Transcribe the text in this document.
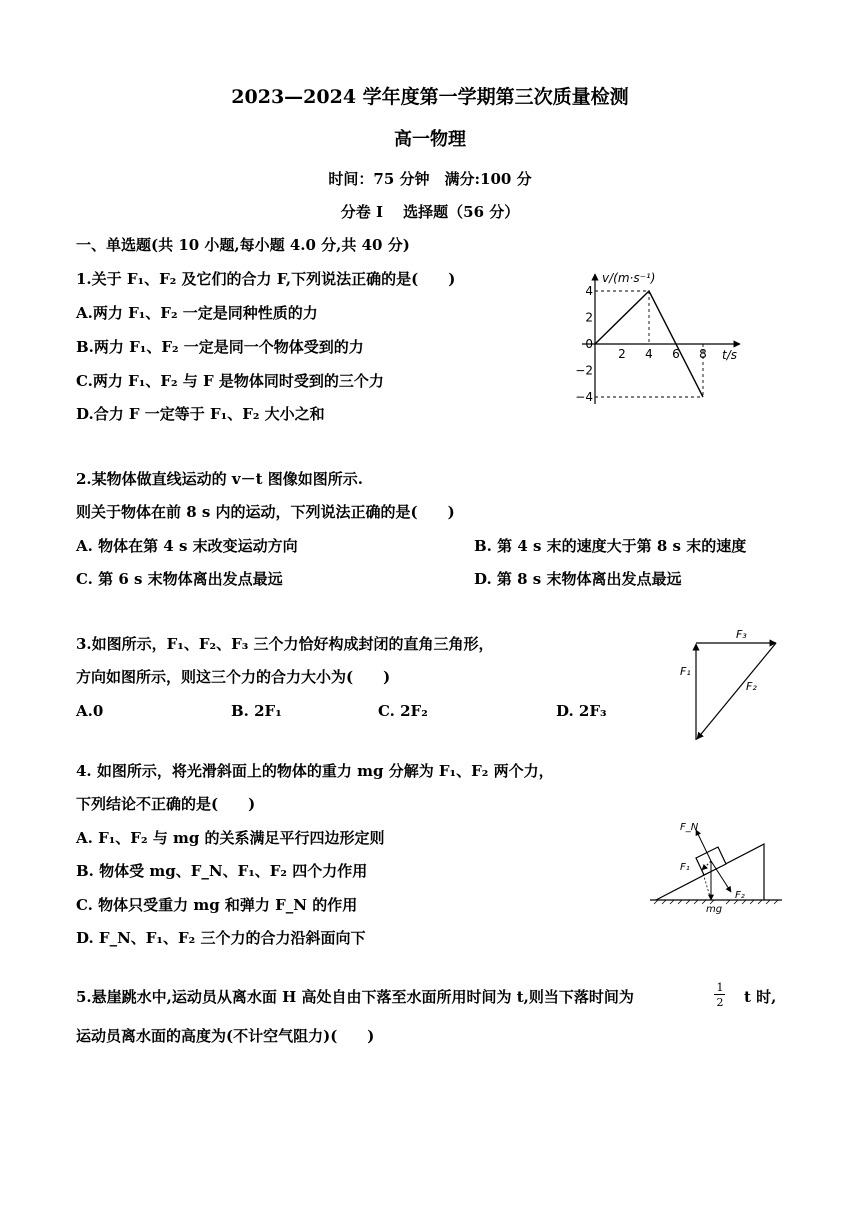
2023—2024 学年度第一学期第三次质量检测
高一物理
时间：75 分钟　满分:100 分
分卷 I　 选择题（56 分）
一、单选题(共 10 小题,每小题 4.0 分,共 40 分)
1.关于 F₁、F₂ 及它们的合力 F,下列说法正确的是(　　)
A.两力 F₁、F₂ 一定是同种性质的力
B.两力 F₁、F₂ 一定是同一个物体受到的力
C.两力 F₁、F₂ 与 F 是物体同时受到的三个力
D.合力 F 一定等于 F₁、F₂ 大小之和
v/(m·s⁻¹)
t/s
4
2
0
−2
−4
2 4 6 8
2.某物体做直线运动的 v－t 图像如图所示.
则关于物体在前 8 s 内的运动，下列说法正确的是(　　)
A. 物体在第 4 s 末改变运动方向	B. 第 4 s 末的速度大于第 8 s 末的速度
C. 第 6 s 末物体离出发点最远	D. 第 8 s 末物体离出发点最远
3.如图所示，F₁、F₂、F₃ 三个力恰好构成封闭的直角三角形，
方向如图所示，则这三个力的合力大小为(　　)
A.0	B. 2F₁	C. 2F₂	D. 2F₃
F₃
F₁
F₂
4. 如图所示，将光滑斜面上的物体的重力 mg 分解为 F₁、F₂ 两个力，
下列结论不正确的是(　　)
A. F₁、F₂ 与 mg 的关系满足平行四边形定则
B. 物体受 mg、F_N、F₁、F₂ 四个力作用
C. 物体只受重力 mg 和弹力 F_N 的作用
D. F_N、F₁、F₂ 三个力的合力沿斜面向下
F_N
F₁
F₂
mg
5.悬崖跳水中,运动员从离水面 H 高处自由下落至水面所用时间为 t,则当下落时间为
1
2 t 时,
运动员离水面的高度为(不计空气阻力)(　　)
